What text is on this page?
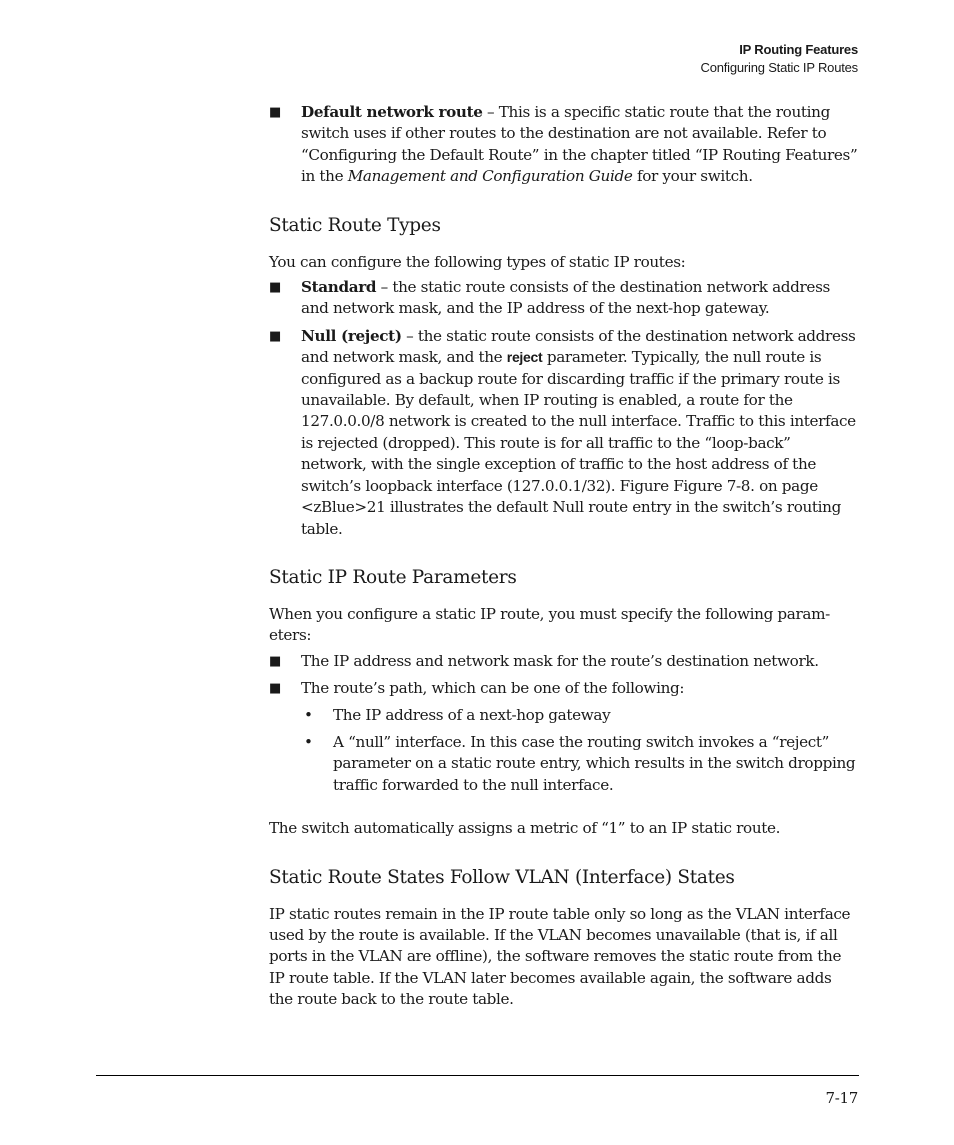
IP Routing Features
Configuring Static IP Routes
■ Default network route – This is a specific static route that the routing switch uses if other routes to the destination are not available. Refer to “Configuring the Default Route” in the chapter titled “IP Routing Features” in the Management and Configuration Guide for your switch.
Static Route Types

You can configure the following types of static IP routes:

■ Standard – the static route consists of the destination network address and network mask, and the IP address of the next-hop gateway.
■ Null (reject) – the static route consists of the destination network address and network mask, and the reject parameter. Typically, the null route is configured as a backup route for discarding traffic if the primary route is unavailable. By default, when IP routing is enabled, a route for the 127.0.0.0/8 network is created to the null interface. Traffic to this interface is rejected (dropped). This route is for all traffic to the “loop-back” network, with the single exception of traffic to the host address of the switch’s loopback interface (127.0.0.1/32). Figure Figure 7-8. on page <zBlue>21 illustrates the default Null route entry in the switch’s routing table.
Static IP Route Parameters

When you configure a static IP route, you must specify the following param-eters:

■ The IP address and network mask for the route’s destination network.
■ The route’s path, which can be one of the following:
• The IP address of a next-hop gateway
• A “null” interface. In this case the routing switch invokes a “reject” parameter on a static route entry, which results in the switch dropping traffic forwarded to the null interface.

The switch automatically assigns a metric of “1” to an IP static route.

Static Route States Follow VLAN (Interface) States

IP static routes remain in the IP route table only so long as the VLAN interface used by the route is available. If the VLAN becomes unavailable (that is, if all ports in the VLAN are offline), the software removes the static route from the IP route table. If the VLAN later becomes available again, the software adds the route back to the route table.

7-17
